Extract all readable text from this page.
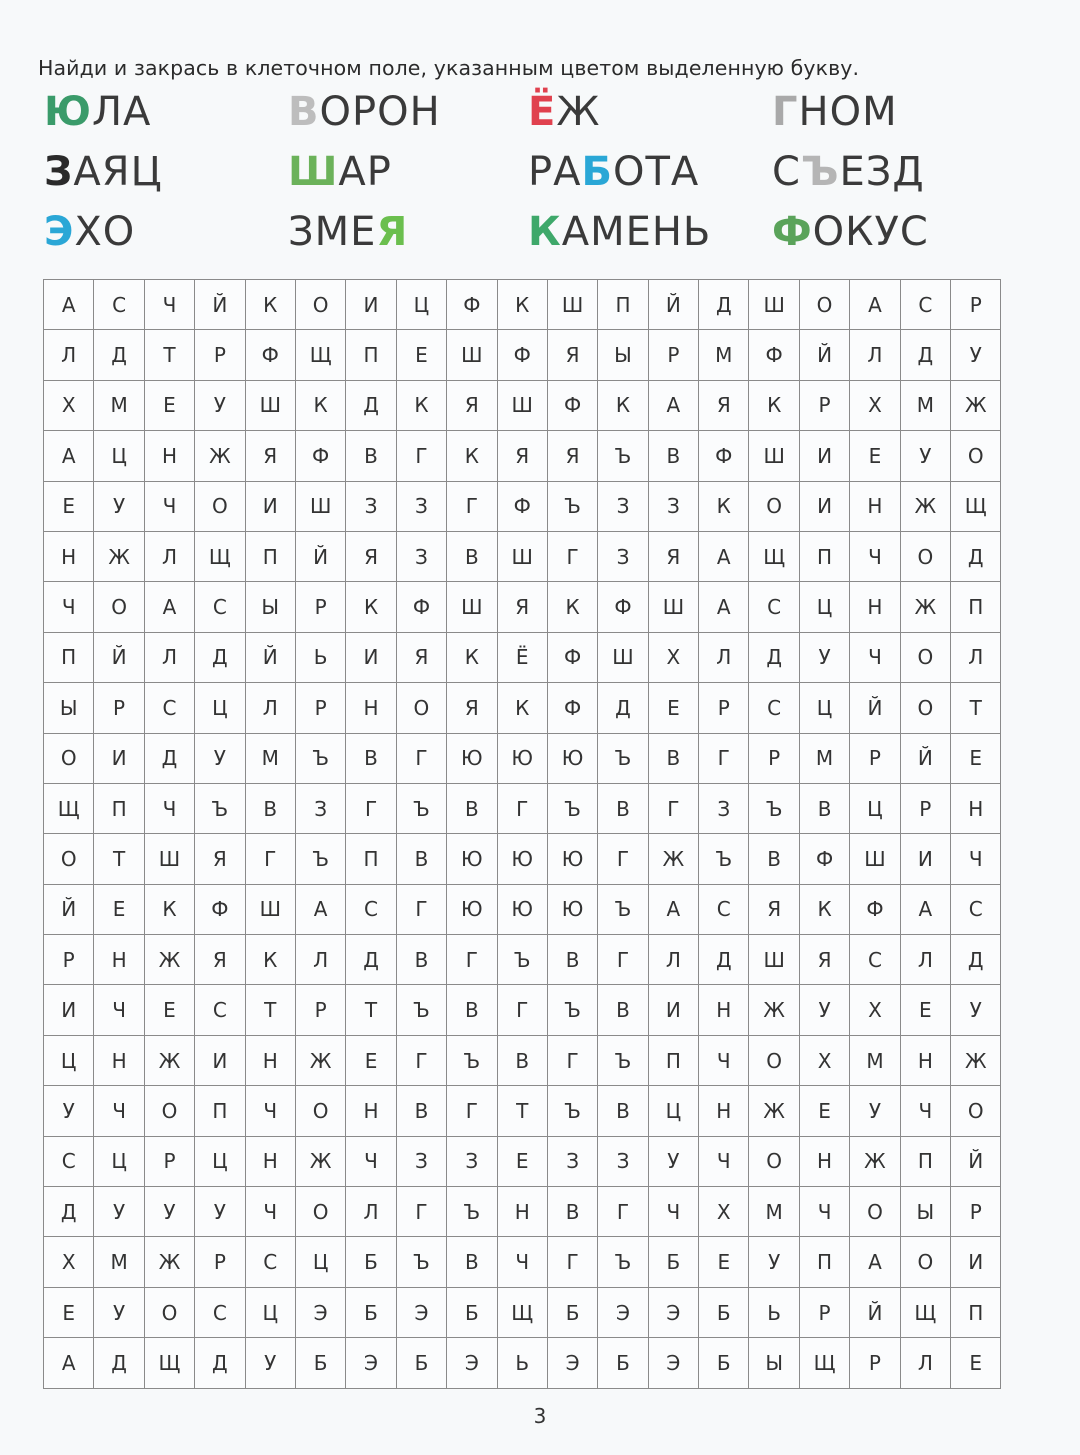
Найди и закрась в клеточном поле, указанным цветом выделенную букву.
ЮЛА	ВОРОН ЁЖ	ГНОМ
ЗАЯЦ	ШАР	РАБОТА СЪЕЗД
ЭХО	ЗМЕЯ	КАМЕНЬ ФОКУС
А	С	Ч	Й	К	О	И	Ц	Ф	К	Ш	П	Й	Д	Ш	О	А	С	Р
Л	Д	Т	Р	Ф	Щ	П	Е	Ш	Ф	Я	Ы	Р	М	Ф	Й	Л	Д	У
Х	М	Е	У	Ш	К	Д	К	Я	Ш	Ф	К	А	Я	К	Р	Х	М	Ж
А	Ц	Н	Ж	Я	Ф	В	Г	К	Я	Я	Ъ	В	Ф	Ш	И	Е	У	О
Е	У	Ч	О	И	Ш	З	З	Г	Ф	Ъ	З	З	К	О	И	Н	Ж	Щ
Н	Ж	Л	Щ	П	Й	Я	З	В	Ш	Г	З	Я	А	Щ	П	Ч	О	Д
Ч	О	А	С	Ы	Р	К	Ф	Ш	Я	К	Ф	Ш	А	С	Ц	Н	Ж	П
П	Й	Л	Д	Й	Ь	И	Я	К	Ё	Ф	Ш	Х	Л	Д	У	Ч	О	Л
Ы	Р	С	Ц	Л	Р	Н	О	Я	К	Ф	Д	Е	Р	С	Ц	Й	О	Т
О	И	Д	У	М	Ъ	В	Г	Ю	Ю	Ю	Ъ	В	Г	Р	М	Р	Й	Е
Щ	П	Ч	Ъ	В	З	Г	Ъ	В	Г	Ъ	В	Г	З	Ъ	В	Ц	Р	Н
О	Т	Ш	Я	Г	Ъ	П	В	Ю	Ю	Ю	Г	Ж	Ъ	В	Ф	Ш	И	Ч
Й	Е	К	Ф	Ш	А	С	Г	Ю	Ю	Ю	Ъ	А	С	Я	К	Ф	А	С
Р	Н	Ж	Я	К	Л	Д	В	Г	Ъ	В	Г	Л	Д	Ш	Я	С	Л	Д
И	Ч	Е	С	Т	Р	Т	Ъ	В	Г	Ъ	В	И	Н	Ж	У	Х	Е	У
Ц	Н	Ж	И	Н	Ж	Е	Г	Ъ	В	Г	Ъ	П	Ч	О	Х	М	Н	Ж
У	Ч	О	П	Ч	О	Н	В	Г	Т	Ъ	В	Ц	Н	Ж	Е	У	Ч	О
С	Ц	Р	Ц	Н	Ж	Ч	З	З	Е	З	З	У	Ч	О	Н	Ж	П	Й
Д	У	У	У	Ч	О	Л	Г	Ъ	Н	В	Г	Ч	Х	М	Ч	О	Ы	Р
Х	М	Ж	Р	С	Ц	Б	Ъ	В	Ч	Г	Ъ	Б	Е	У	П	А	О	И
Е	У	О	С	Ц	Э	Б	Э	Б	Щ	Б	Э	Э	Б	Ь	Р	Й	Щ	П
А	Д	Щ	Д	У	Б	Э	Б	Э	Ь	Э	Б	Э	Б	Ы	Щ	Р	Л	Е
3
